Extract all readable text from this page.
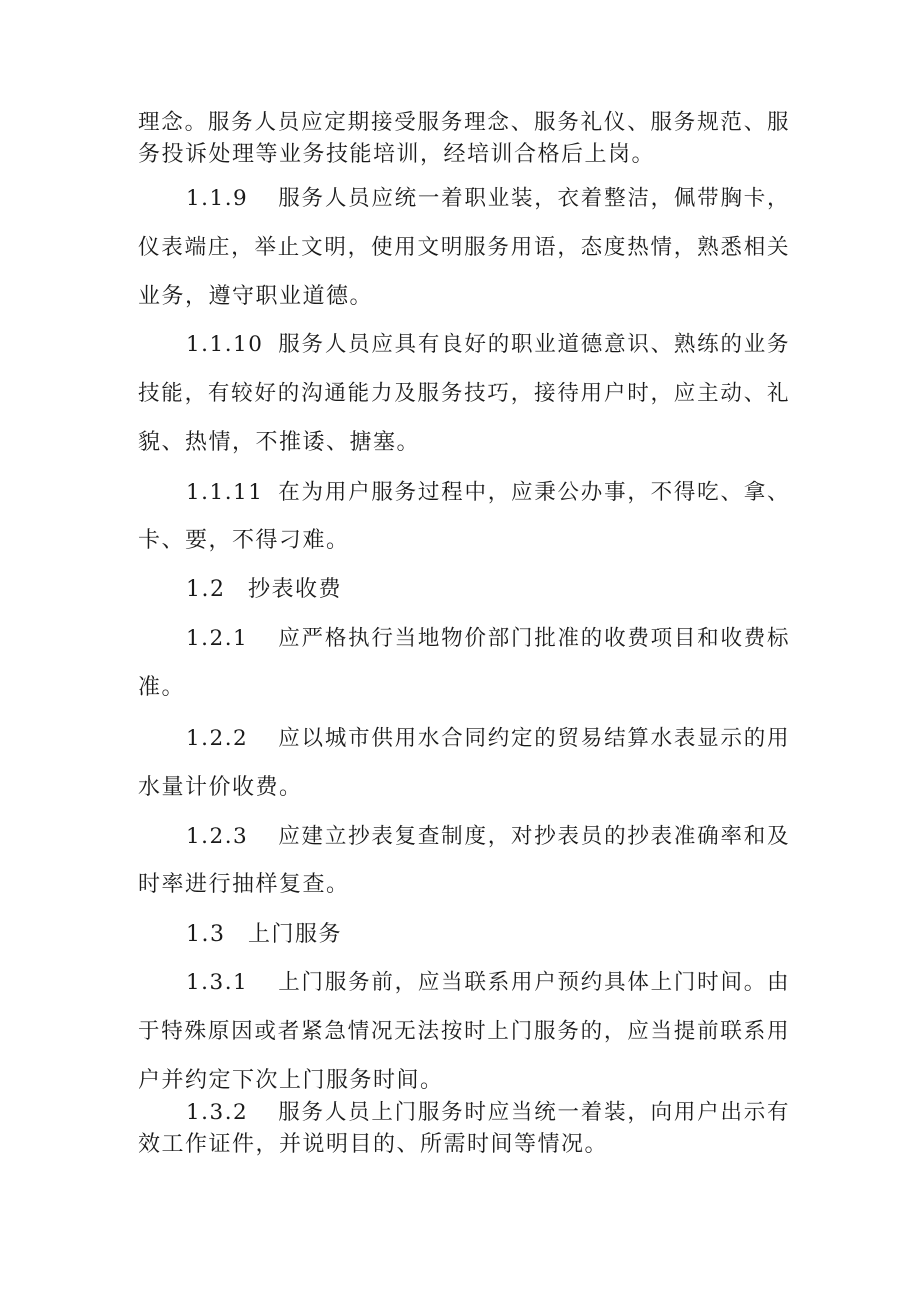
理念。服务人员应定期接受服务理念、服务礼仪、服务规范、服
务投诉处理等业务技能培训，经培训合格后上岗。
1.1.9 服务人员应统一着职业装，衣着整洁，佩带胸卡，
仪表端庄，举止文明，使用文明服务用语，态度热情，熟悉相关
业务，遵守职业道德。
1.1.10 服务人员应具有良好的职业道德意识、熟练的业务
技能，有较好的沟通能力及服务技巧，接待用户时，应主动、礼
貌、热情，不推诿、搪塞。
1.1.11 在为用户服务过程中，应秉公办事，不得吃、拿、
卡、要，不得刁难。
1.2 抄表收费
1.2.1 应严格执行当地物价部门批准的收费项目和收费标
准。
1.2.2 应以城市供用水合同约定的贸易结算水表显示的用
水量计价收费。
1.2.3 应建立抄表复查制度，对抄表员的抄表准确率和及
时率进行抽样复查。
1.3 上门服务
1.3.1 上门服务前，应当联系用户预约具体上门时间。由
于特殊原因或者紧急情况无法按时上门服务的，应当提前联系用
户并约定下次上门服务时间。
1.3.2 服务人员上门服务时应当统一着装，向用户出示有
效工作证件，并说明目的、所需时间等情况。
